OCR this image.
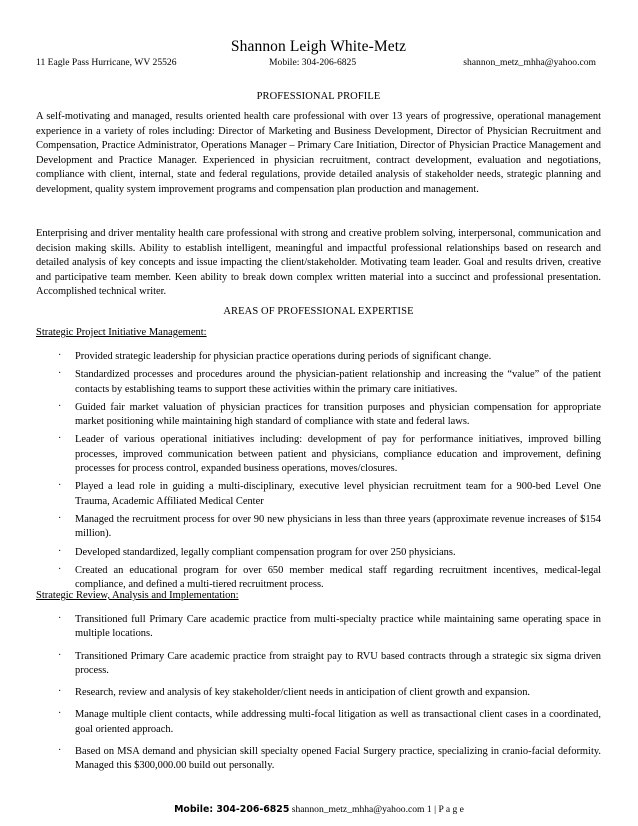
Shannon Leigh White-Metz
11 Eagle Pass Hurricane, WV 25526	Mobile: 304-206-6825	shannon_metz_mhha@yahoo.com
PROFESSIONAL PROFILE

A self-motivating and managed, results oriented health care professional with over 13 years of progressive, operational management experience in a variety of roles including: Director of Marketing and Business Development, Director of Physician Recruitment and Compensation, Practice Administrator, Operations Manager – Primary Care Initiation, Director of Physician Practice Management and Development and Practice Manager. Experienced in physician recruitment, contract development, evaluation and negotiations, compliance with client, internal, state and federal regulations, provide detailed analysis of stakeholder needs, strategic planning and development, quality system improvement programs and compensation plan production and management.

Enterprising and driver mentality health care professional with strong and creative problem solving, interpersonal, communication and decision making skills. Ability to establish intelligent, meaningful and impactful professional relationships based on research and detailed analysis of key concepts and issue impacting the client/stakeholder. Motivating team leader. Goal and results driven, creative and participative team member. Keen ability to break down complex written material into a succinct and professional presentation. Accomplished technical writer.

AREAS OF PROFESSIONAL EXPERTISE
Strategic Project Initiative Management:
· Provided strategic leadership for physician practice operations during periods of significant change.
· Standardized processes and procedures around the physician-patient relationship and increasing the “value” of the patient contacts by establishing teams to support these activities within the primary care initiatives.
· Guided fair market valuation of physician practices for transition purposes and physician compensation for appropriate market positioning while maintaining high standard of compliance with state and federal laws.
· Leader of various operational initiatives including: development of pay for performance initiatives, improved billing processes, improved communication between patient and physicians, compliance education and improvement, defining processes for process control, expanded business operations, moves/closures.
· Played a lead role in guiding a multi-disciplinary, executive level physician recruitment team for a 900-bed Level One Trauma, Academic Affiliated Medical Center
· Managed the recruitment process for over 90 new physicians in less than three years (approximate revenue increases of $154 million).
· Developed standardized, legally compliant compensation program for over 250 physicians.
· Created an educational program for over 650 member medical staff regarding recruitment incentives, medical-legal compliance, and defined a multi-tiered recruitment process.
Strategic Review, Analysis and Implementation:
· Transitioned full Primary Care academic practice from multi-specialty practice while maintaining same operating space in multiple locations.
· Transitioned Primary Care academic practice from straight pay to RVU based contracts through a strategic six sigma driven process.
· Research, review and analysis of key stakeholder/client needs in anticipation of client growth and expansion.
· Manage multiple client contacts, while addressing multi-focal litigation as well as transactional client cases in a coordinated, goal oriented approach.
· Based on MSA demand and physician skill specialty opened Facial Surgery practice, specializing in cranio-facial deformity. Managed this $300,000.00 build out personally.
Mobile: 304-206-6825 shannon_metz_mhha@yahoo.com 1 | P a g e
